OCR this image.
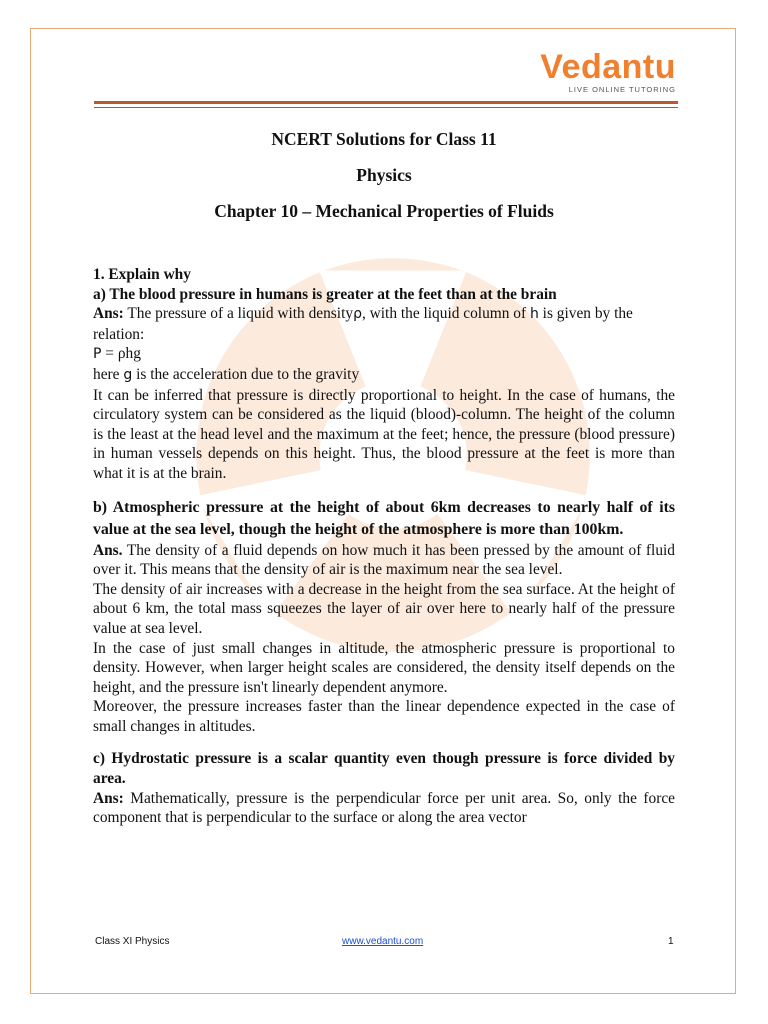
Vedantu
LIVE ONLINE TUTORING
NCERT Solutions for Class 11
Physics
Chapter 10 – Mechanical Properties of Fluids

1. Explain why

a) The blood pressure in humans is greater at the feet than at the brain

Ans: The pressure of a liquid with densityρ, with the liquid column of h is given by the relation:

P = ρhg

here g is the acceleration due to the gravity

It can be inferred that pressure is directly proportional to height. In the case of humans, the circulatory system can be considered as the liquid (blood)-column. The height of the column is the least at the head level and the maximum at the feet; hence, the pressure (blood pressure) in human vessels depends on this height. Thus, the blood pressure at the feet is more than what it is at the brain.

b) Atmospheric pressure at the height of about 6km decreases to nearly half of its value at the sea level, though the height of the atmosphere is more than 100km.

Ans. The density of a fluid depends on how much it has been pressed by the amount of fluid over it. This means that the density of air is the maximum near the sea level.

The density of air increases with a decrease in the height from the sea surface. At the height of about 6 km, the total mass squeezes the layer of air over here to nearly half of the pressure value at sea level.

In the case of just small changes in altitude, the atmospheric pressure is proportional to density. However, when larger height scales are considered, the density itself depends on the height, and the pressure isn't linearly dependent anymore.

Moreover, the pressure increases faster than the linear dependence expected in the case of small changes in altitudes.

c) Hydrostatic pressure is a scalar quantity even though pressure is force divided by area.

Ans: Mathematically, pressure is the perpendicular force per unit area. So, only the force component that is perpendicular to the surface or along the area vector

Class XI Physics	www.vedantu.com	1
